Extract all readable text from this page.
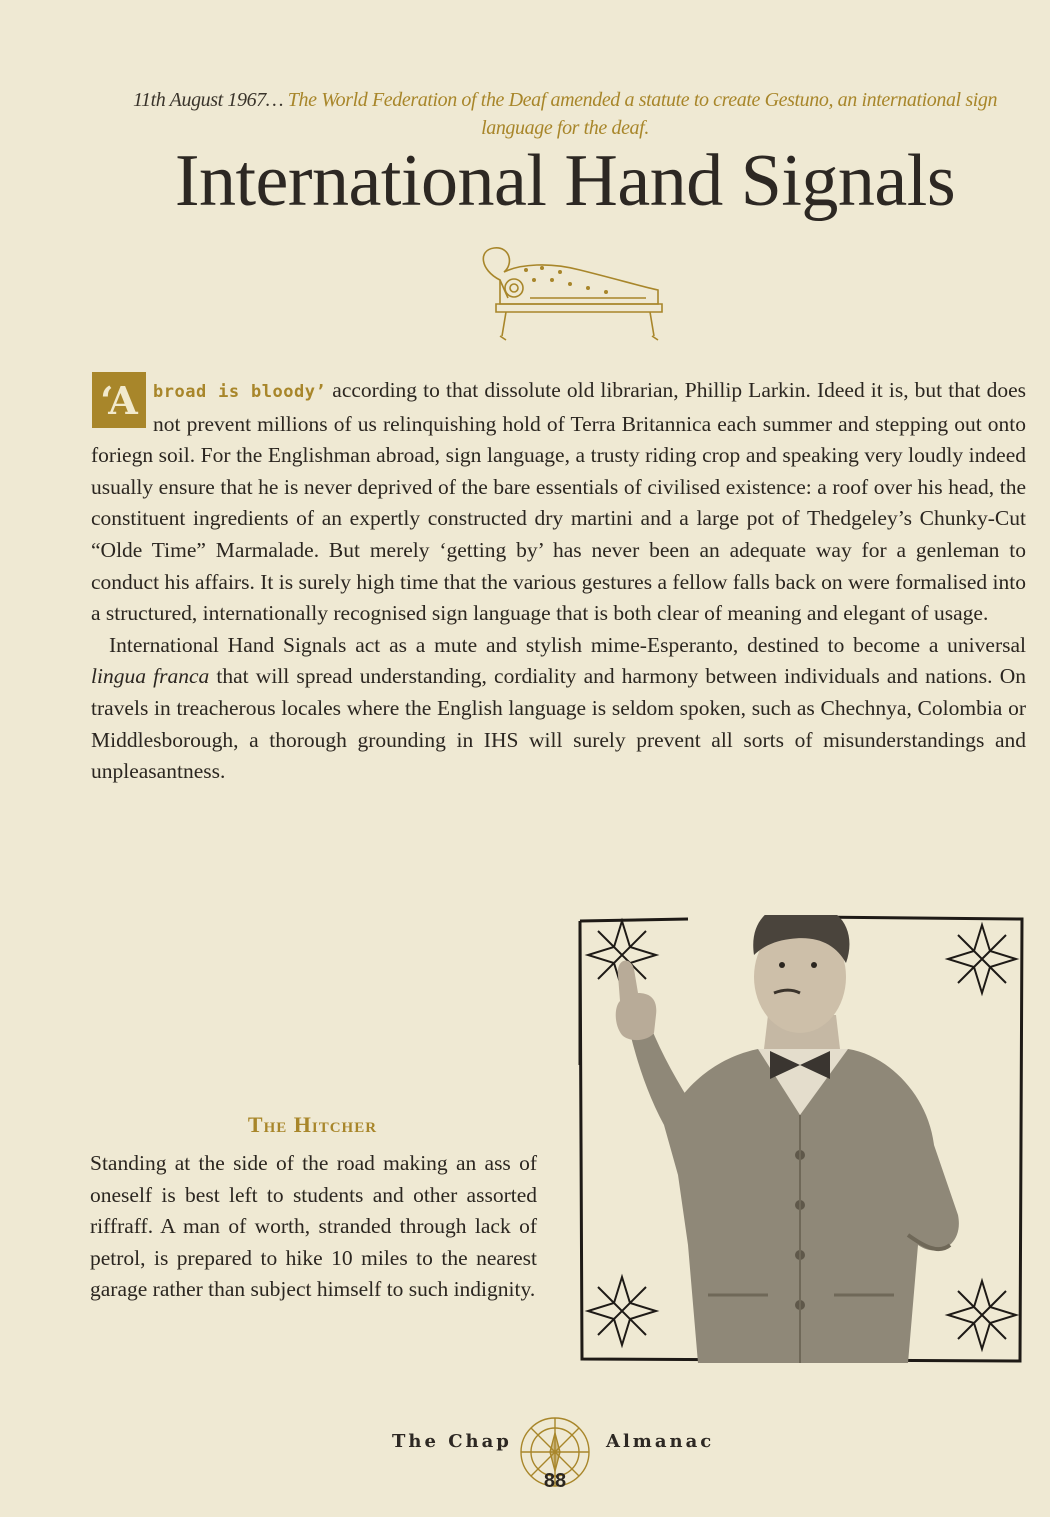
11th August 1967… The World Federation of the Deaf amended a statute to create Gestuno, an international sign language for the deaf.
International Hand Signals
‘A broad is bloody’ according to that dissolute old librarian, Phillip Larkin. Ideed it is, but that does not prevent millions of us relinquishing hold of Terra Britannica each summer and stepping out onto foriegn soil. For the Englishman abroad, sign language, a trusty riding crop and speaking very loudly indeed usually ensure that he is never deprived of the bare essentials of civilised existence: a roof over his head, the constituent ingredients of an expertly constructed dry martini and a large pot of Thedgeley’s Chunky-Cut “Olde Time” Marmalade. But merely ‘getting by’ has never been an adequate way for a genleman to conduct his affairs. It is surely high time that the various gestures a fellow falls back on were formalised into a structured, internationally recognised sign language that is both clear of meaning and elegant of usage.

International Hand Signals act as a mute and stylish mime-Esperanto, destined to become a universal lingua franca that will spread understanding, cordiality and harmony between individuals and nations. On travels in treacherous locales where the English language is seldom spoken, such as Chechnya, Colombia or Middlesborough, a thorough grounding in IHS will surely prevent all sorts of misunderstandings and unpleasantness.

The Hitcher
Standing at the side of the road making an ass of oneself is best left to students and other assorted riffraff. A man of worth, stranded through lack of petrol, is prepared to hike 10 miles to the nearest garage rather than subject himself to such indignity.
The Chap	Almanac
88
